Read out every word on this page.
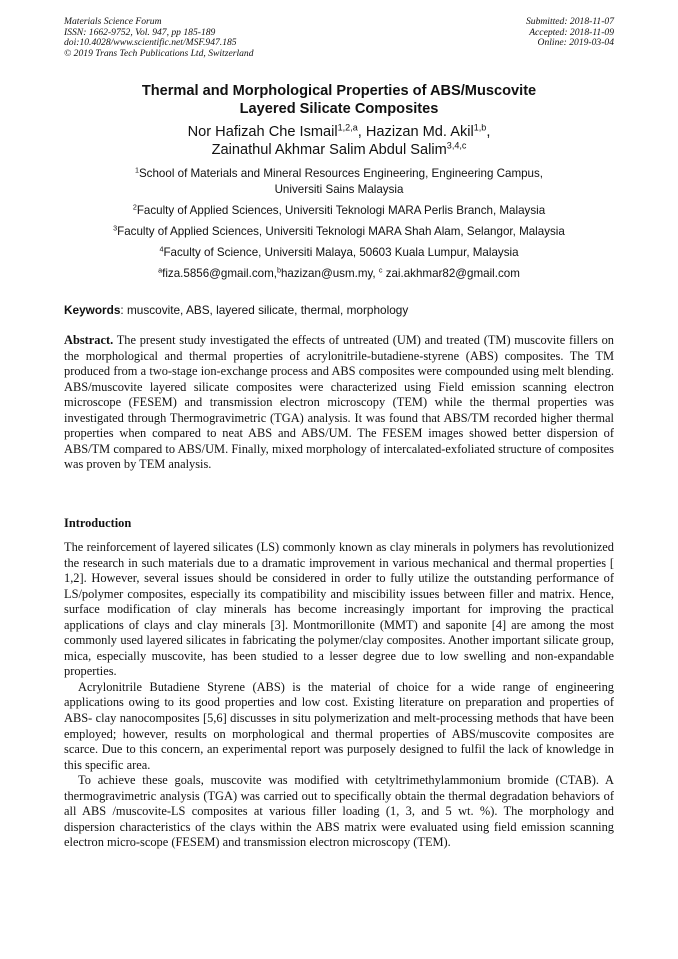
Materials Science Forum
ISSN: 1662-9752, Vol. 947, pp 185-189
doi:10.4028/www.scientific.net/MSF.947.185
© 2019 Trans Tech Publications Ltd, Switzerland
Submitted: 2018-11-07
Accepted: 2018-11-09
Online: 2019-03-04
Thermal and Morphological Properties of ABS/Muscovite
Layered Silicate Composites
Nor Hafizah Che Ismail$^{1,2,a}$, Hazizan Md. Akil$^{1,b}$,
Zainathul Akhmar Salim Abdul Salim$^{3,4,c}$
$^1$School of Materials and Mineral Resources Engineering, Engineering Campus,
Universiti Sains Malaysia
$^2$Faculty of Applied Sciences, Universiti Teknologi MARA Perlis Branch, Malaysia
$^3$Faculty of Applied Sciences, Universiti Teknologi MARA Shah Alam, Selangor, Malaysia
$^4$Faculty of Science, Universiti Malaya, 50603 Kuala Lumpur, Malaysia
$^a$fiza.5856@gmail.com,$^b$hazizan@usm.my, $^c$ zai.akhmar82@gmail.com
Keywords: muscovite, ABS, layered silicate, thermal, morphology

Abstract. The present study investigated the effects of untreated (UM) and treated (TM) muscovite fillers on the morphological and thermal properties of acrylonitrile-butadiene-styrene (ABS) composites. The TM produced from a two-stage ion-exchange process and ABS composites were compounded using melt blending. ABS/muscovite layered silicate composites were characterized using Field emission scanning electron microscope (FESEM) and transmission electron microscopy (TEM) while the thermal properties was investigated through Thermogravimetric (TGA) analysis. It was found that ABS/TM recorded higher thermal properties when compared to neat ABS and ABS/UM. The FESEM images showed better dispersion of ABS/TM compared to ABS/UM. Finally, mixed morphology of intercalated-exfoliated structure of composites was proven by TEM analysis.

Introduction

The reinforcement of layered silicates (LS) commonly known as clay minerals in polymers has revolutionized the research in such materials due to a dramatic improvement in various mechanical and thermal properties [ 1,2]. However, several issues should be considered in order to fully utilize the outstanding performance of LS/polymer composites, especially its compatibility and miscibility issues between filler and matrix. Hence, surface modification of clay minerals has become increasingly important for improving the practical applications of clays and clay minerals [3]. Montmorillonite (MMT) and saponite [4] are among the most commonly used layered silicates in fabricating the polymer/clay composites. Another important silicate group, mica, especially muscovite, has been studied to a lesser degree due to low swelling and non-expandable properties.

Acrylonitrile Butadiene Styrene (ABS) is the material of choice for a wide range of engineering applications owing to its good properties and low cost. Existing literature on preparation and properties of ABS- clay nanocomposites [5,6] discusses in situ polymerization and melt-processing methods that have been employed; however, results on morphological and thermal properties of ABS/muscovite composites are scarce. Due to this concern, an experimental report was purposely designed to fulfil the lack of knowledge in this specific area.

To achieve these goals, muscovite was modified with cetyltrimethylammonium bromide (CTAB). A thermogravimetric analysis (TGA) was carried out to specifically obtain the thermal degradation behaviors of all ABS /muscovite-LS composites at various filler loading (1, 3, and 5 wt. %). The morphology and dispersion characteristics of the clays within the ABS matrix were evaluated using field emission scanning electron micro-scope (FESEM) and transmission electron microscopy (TEM).
